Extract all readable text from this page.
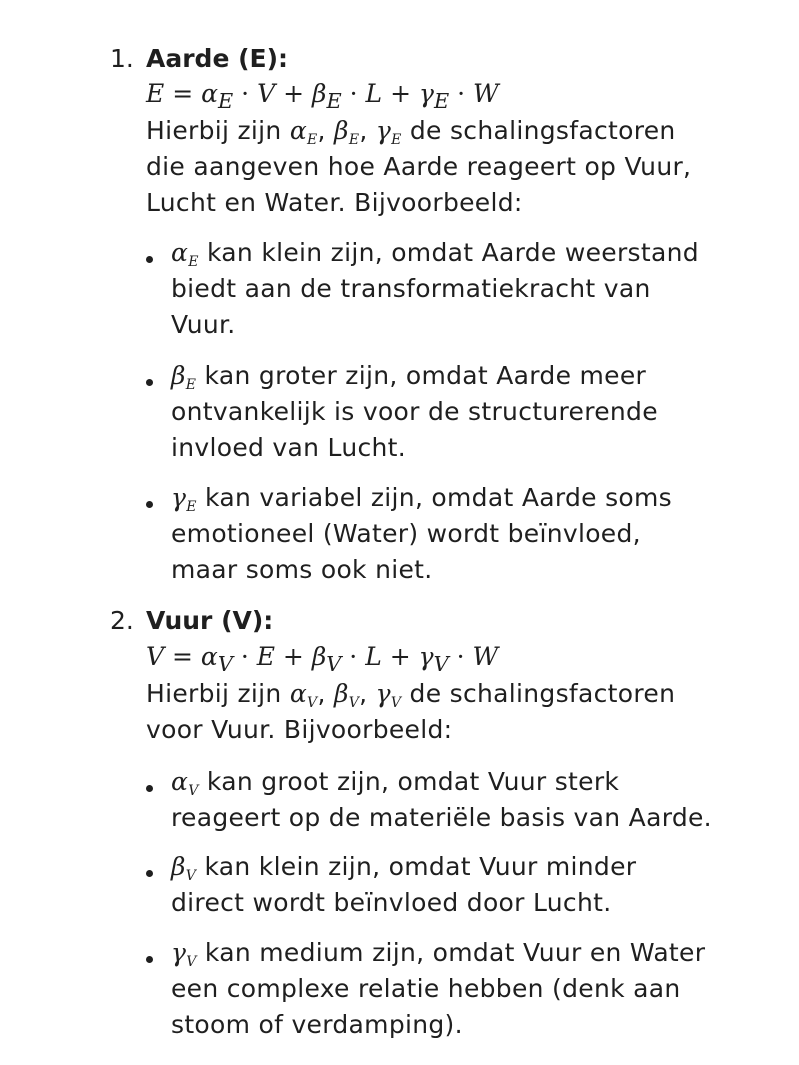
1. Aarde (E):
$E = \alpha_E \cdot V + \beta_E \cdot L + \gamma_E \cdot W$
Hierbij zijn $\alpha_E$, $\beta_E$, $\gamma_E$ de schalingsfactoren
die aangeven hoe Aarde reageert op Vuur,
Lucht en Water. Bijvoorbeeld:
$\alpha_E$ kan klein zijn, omdat Aarde weerstand
biedt aan de transformatiekracht van
Vuur.
$\beta_E$ kan groter zijn, omdat Aarde meer
ontvankelijk is voor de structurerende
invloed van Lucht.
$\gamma_E$ kan variabel zijn, omdat Aarde soms
emotioneel (Water) wordt beïnvloed,
maar soms ook niet.
2. Vuur (V):
$V = \alpha_V \cdot E + \beta_V \cdot L + \gamma_V \cdot W$
Hierbij zijn $\alpha_V$, $\beta_V$, $\gamma_V$ de schalingsfactoren
voor Vuur. Bijvoorbeeld:
$\alpha_V$ kan groot zijn, omdat Vuur sterk
reageert op de materiële basis van Aarde.
$\beta_V$ kan klein zijn, omdat Vuur minder
direct wordt beïnvloed door Lucht.
$\gamma_V$ kan medium zijn, omdat Vuur en Water
een complexe relatie hebben (denk aan
stoom of verdamping).
